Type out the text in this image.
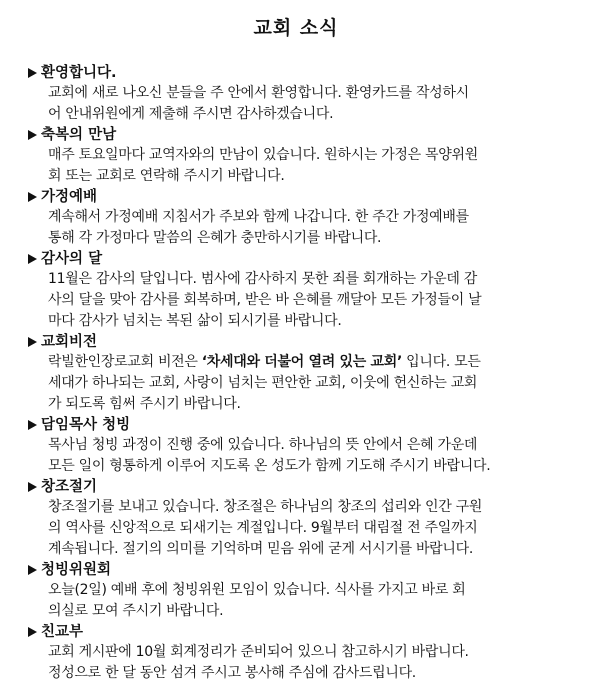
교회 소식
환영합니다.
교회에 새로 나오신 분들을 주 안에서 환영합니다. 환영카드를 작성하시
어 안내위원에게 제출해 주시면 감사하겠습니다.
축복의 만남
매주 토요일마다 교역자와의 만남이 있습니다. 원하시는 가정은 목양위원
회 또는 교회로 연락해 주시기 바랍니다.
가정예배
계속해서 가정예배 지침서가 주보와 함께 나갑니다. 한 주간 가정예배를
통해 각 가정마다 말씀의 은혜가 충만하시기를 바랍니다.
감사의 달
11월은 감사의 달입니다. 범사에 감사하지 못한 죄를 회개하는 가운데 감
사의 달을 맞아 감사를 회복하며, 받은 바 은혜를 깨달아 모든 가정들이 날
마다 감사가 넘치는 복된 삶이 되시기를 바랍니다.
교회비전
락빌한인장로교회 비전은 ‘차세대와 더불어 열려 있는 교회’ 입니다. 모든
세대가 하나되는 교회, 사랑이 넘치는 편안한 교회, 이웃에 헌신하는 교회
가 되도록 힘써 주시기 바랍니다.
담임목사 청빙
목사님 청빙 과정이 진행 중에 있습니다. 하나님의 뜻 안에서 은혜 가운데
모든 일이 형통하게 이루어 지도록 온 성도가 함께 기도해 주시기 바랍니다.
창조절기
창조절기를 보내고 있습니다. 창조절은 하나님의 창조의 섭리와 인간 구원
의 역사를 신앙적으로 되새기는 계절입니다. 9월부터 대림절 전 주일까지
계속됩니다. 절기의 의미를 기억하며 믿음 위에 굳게 서시기를 바랍니다.
청빙위원회
오늘(2일) 예배 후에 청빙위원 모임이 있습니다. 식사를 가지고 바로 회
의실로 모여 주시기 바랍니다.
친교부
교회 게시판에 10월 회계정리가 준비되어 있으니 참고하시기 바랍니다.
정성으로 한 달 동안 섬겨 주시고 봉사해 주심에 감사드립니다.
